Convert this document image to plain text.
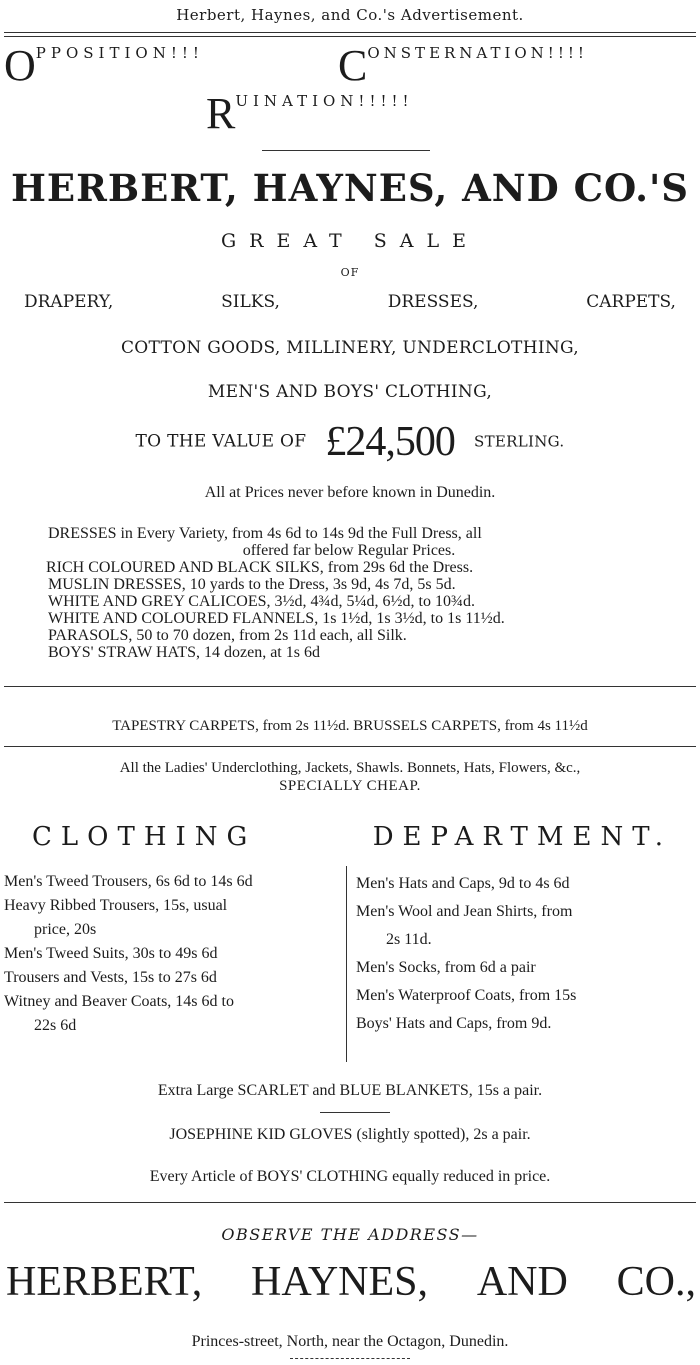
Herbert, Haynes, and Co.'s Advertisement.
OPPOSITION!!!	CONSTERNATION!!!!
RUINATION!!!!!
HERBERT, HAYNES, AND CO.'S
GREAT SALE
OF
DRAPERY,	SILKS,	DRESSES,	CARPETS,
COTTON GOODS, MILLINERY, UNDERCLOTHING,
MEN'S AND BOYS' CLOTHING,
TO THE VALUE OF £24,500 STERLING.
All at Prices never before known in Dunedin.
DRESSES in Every Variety, from 4s 6d to 14s 9d the Full Dress, all
offered far below Regular Prices.
RICH COLOURED AND BLACK SILKS, from 29s 6d the Dress.
MUSLIN DRESSES, 10 yards to the Dress, 3s 9d, 4s 7d, 5s 5d.
WHITE AND GREY CALICOES, 3½d, 4¾d, 5¼d, 6½d, to 10¾d.
WHITE AND COLOURED FLANNELS, 1s 1½d, 1s 3½d, to 1s 11½d.
PARASOLS, 50 to 70 dozen, from 2s 11d each, all Silk.
BOYS' STRAW HATS, 14 dozen, at 1s 6d
TAPESTRY CARPETS, from 2s 11½d. BRUSSELS CARPETS, from 4s 11½d
All the Ladies' Underclothing, Jackets, Shawls. Bonnets, Hats, Flowers, &c.,
SPECIALLY CHEAP.
CLOTHING	DEPARTMENT.
Men's Tweed Trousers, 6s 6d to 14s 6d
Heavy Ribbed Trousers, 15s, usual
price, 20s
Men's Tweed Suits, 30s to 49s 6d
Trousers and Vests, 15s to 27s 6d
Witney and Beaver Coats, 14s 6d to
22s 6d
Men's Hats and Caps, 9d to 4s 6d
Men's Wool and Jean Shirts, from
2s 11d.
Men's Socks, from 6d a pair
Men's Waterproof Coats, from 15s
Boys' Hats and Caps, from 9d.
Extra Large SCARLET and BLUE BLANKETS, 15s a pair.
JOSEPHINE KID GLOVES (slightly spotted), 2s a pair.
Every Article of BOYS' CLOTHING equally reduced in price.
OBSERVE THE ADDRESS—
HERBERT, HAYNES, AND CO.,
Princes-street, North, near the Octagon, Dunedin.
